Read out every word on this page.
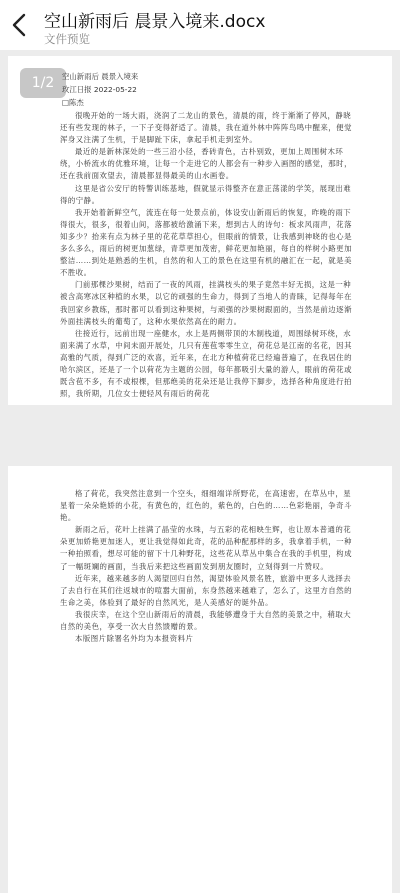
空山新雨后 晨景入境来.docx
文件预览
1/2	空山新雨后 晨景入境来
玫江日报 2022-05-22
□陈杰

很晚开始的一场大雨，浇润了二龙山的景色，清晨的雨，终于渐渐了停风，静晓还有些发现的林子，一下子变得舒适了。清晨，我在道外林中阵阵鸟鸣中醒来，便觉浑身又注满了生机，于是脚趾下床，拿起手机走到室外。

最近的是新林深处的一些三沿小径，香砖青色，古朴别致，更加上周围树木环绕，小桥流水的优雅环境，让每一个走进它的人都会有一种步入画图的感觉，那时，还在我前面欢望去，清晨都显得最美的山水画卷。

这里是省公安厅的特警训练基地，假就显示得整齐在意正荡漾的学笑，展现出难得的宁静。

我开始着新鲜空气，流连在每一处景点前，体设安山新雨后的恢复，昨晚的雨下得很大，很多，很着山间，落都被给激涌下来，想到古人的诗句：板求风雨声，花落知多少？抬来有点为林子里的花花草草担心，但眼前的情景，让我感到神晓的也心是多么多么，雨后的树更加葱绿，青草更加茂密，鲜花更加艳丽，每自的样树小路更加整洁……到处是熟悉的生机，自然的和人工的景色在这里有机的融汇在一起，就是美不胜收。

门前那棵沙果树，结而了一夜的风雨，挂满枝头的果子竟然丰好无损，这是一种被含高寒冰区种植的水果，以它的顽强的生命力，得到了当地人的青睐，记得每年在我回家乡教练，那时都可以看到这种果树，与顽强的沙果树跟面的，当然是前边逐渐外面挂满枝头的葡萄了，这种水果依然高在的耐力。

往接近行，远前出现一座健水，水上是两侧带顶的木制栈道，周围绿树环绕，水面来满了水草，中间未面开展处，几只有莲苞零零生立，荷花总是江南的名花，因其高雅的气质，得到广泛的欢喜，近年来，在北方种植荷花已经遍普遍了，在我居住的哈尔滨区，还是了一个以荷花为主题的公园，每年都吸引大量的游人，眼前的荷花或既含苞不多，有不或根棵，但那绝美的花朵还是让我停下脚步，选择各种角度进行拍照，我所期，几位女士便轻风有雨后的荷花

格了荷花，我突然注意到一个空头，细细端详所野花，在高速密，在草丛中，星星着一朵朵艳娇的小花，有黄色的，红色的，紫色的，白色的……色彩艳丽，争奇斗艳。

新雨之后，花叶上挂满了晶莹的水珠，与五彩的花相映生辉，也让原本普通的花朵更加娇艳更加迷人，更让我觉得如此奇，花的品种配那样的多，我拿着手机，一种一种拍照看，想尽可能的留下十几种野花，这些花从草丛中集合在我的手机里，构成了一幅斑斓的画面，当我后来把这些画面发到朋友圈时，立刻得到一片赞叹。

近年来，越来越多的人渴望回归自然，渴望体验风景名胜，旅游中更多人选择去了去自行在其们往返城市的喧嚣大面前，东身然越来越难了，怎么了，这里方自然的生命之美，体验到了最好的自然风光，是人美感好的诞外品。

我很庆幸，在这个空山新雨后的清晨，我能够遭身于大自然的美景之中，稍取大自然的美色，享受一次大自然馈赠的景。

本版图片除署名外均为本报资料片
